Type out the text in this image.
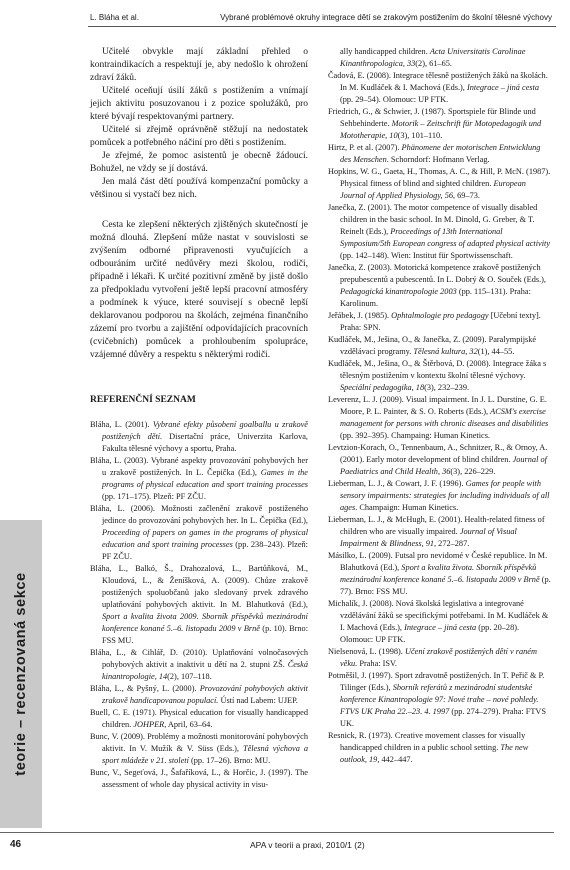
L. Bláha et al.	Vybrané problémové okruhy integrace dětí se zrakovým postižením do školní tělesné výchovy
teorie – recenzovaná sekce

Učitelé obvykle mají základní přehled o kontraindikacích a respektují je, aby nedošlo k ohrožení zdraví žáků.

Učitelé oceňují úsilí žáků s postižením a vnímají jejich aktivitu posuzovanou i z pozice spolužáků, pro které bývají respektovanými partnery.

Učitelé si zřejmě oprávněně stěžují na nedostatek pomůcek a potřebného náčiní pro děti s postižením.

Je zřejmé, že pomoc asistentů je obecně žádoucí. Bohužel, ne vždy se jí dostává.

Jen malá část dětí používá kompenzační pomůcky a většinou si vystačí bez nich.

Cesta ke zlepšení některých zjištěných skutečností je možná dlouhá. Zlepšení může nastat v souvislosti se zvýšením odborné připravenosti vyučujících a odbouráním určité nedůvěry mezi školou, rodiči, případně i lékaři. K určité pozitivní změně by jistě došlo za předpokladu vytvoření ještě lepší pracovní atmosféry a podmínek k výuce, které souvisejí s obecně lepší deklarovanou podporou na školách, zejména finančního zázemí pro tvorbu a zajištění odpovídajících pracovních (cvičebních) pomůcek a prohloubením spolupráce, vzájemné důvěry a respektu s některými rodiči.

REFERENČNÍ SEZNAM

Bláha, L. (2001). Vybrané efekty působení goalballu u zrakově postižených dětí. Disertační práce, Univerzita Karlova, Fakulta tělesné výchovy a sportu, Praha.

Bláha, L. (2003). Vybrané aspekty provozování pohybových her u zrakově postižených. In L. Čepička (Ed.), Games in the programs of physical education and sport training processes (pp. 171–175). Plzeň: PF ZČU.

Bláha, L. (2006). Možnosti začlenění zrakově postiženého jedince do provozování pohybových her. In L. Čepička (Ed.), Proceeding of papers on games in the programs of physical education and sport training processes (pp. 238–243). Plzeň: PF ZČU.

Bláha, L., Balkó, Š., Drahozalová, L., Bartůňková, M., Kloudová, L., & Ženíšková, A. (2009). Chůze zrakově postižených spoluobčanů jako sledovaný prvek zdravého uplatňování pohybových aktivit. In M. Blahutková (Ed.), Sport a kvalita života 2009. Sborník příspěvků mezinárodní konference konané 5.–6. listopadu 2009 v Brně (p. 10). Brno: FSS MU.

Bláha, L., & Cihlář, D. (2010). Uplatňování volnočasových pohybových aktivit a inaktivit u dětí na 2. stupni ZŠ. Česká kinantropologie, 14(2), 107–118.

Bláha, L., & Pyšný, L. (2000). Provozování pohybových aktivit zrakově handicapovanou populací. Ústí nad Labem: UJEP.

Buell, C. E. (1971). Physical education for visually handicapped children. JOHPER, April, 63–64.

Bunc, V. (2009). Problémy a možnosti monitorování pohybových aktivit. In V. Mužík & V. Süss (Eds.), Tělesná výchova a sport mládeže v 21. století (pp. 17–26). Brno: MU.

Bunc, V., Segeťová, J., Šafaříková, L., & Horčic, J. (1997). The assessment of whole day physical activity in visu-

ally handicapped children. Acta Universitatis Carolinae Kinanthropologica, 33(2), 61–65.

Čadová, E. (2008). Integrace tělesně postižených žáků na školách. In M. Kudláček & I. Machová (Eds.), Integrace – jiná cesta (pp. 29–54). Olomouc: UP FTK.

Friedrich, G., & Schwier, J. (1987). Sportspiele für Blinde und Sehbehinderte. Motorik – Zeitschrift für Motopedagogik und Mototherapie, 10(3), 101–110.

Hirtz, P. et al. (2007). Phänomene der motorischen Entwicklung des Menschen. Schorndorf: Hofmann Verlag.

Hopkins, W. G., Gaeta, H., Thomas, A. C., & Hill, P. McN. (1987). Physical fitness of blind and sighted children. European Journal of Applied Physiology, 56, 69–73.

Janečka, Z. (2001). The motor competence of visually disabled children in the basic school. In M. Dinold, G. Greber, & T. Reinelt (Eds.), Proceedings of 13th International Symposium/5th European congress of adapted physical activity (pp. 142–148). Wien: Institut für Sportwissenschaft.

Janečka, Z. (2003). Motorická kompetence zrakově postižených prepubescentů a pubescentů. In L. Dobrý & O. Souček (Eds.), Pedagogická kinantropologie 2003 (pp. 115–131). Praha: Karolinum.

Jeřábek, J. (1985). Ophtalmologie pro pedagogy [Učební texty]. Praha: SPN.

Kudláček, M., Ješina, O., & Janečka, Z. (2009). Paralympijské vzdělávací programy. Tělesná kultura, 32(1), 44–55.

Kudláček, M., Ješina, O., & Štěrbová, D. (2008). Integrace žáka s tělesným postižením v kontextu školní tělesné výchovy. Speciální pedagogika, 18(3), 232–239.

Leverenz, L. J. (2009). Visual impairment. In J. L. Durstine, G. E. Moore, P. L. Painter, & S. O. Roberts (Eds.), ACSM's exercise management for persons with chronic diseases and disabilities (pp. 392–395). Champaing: Human Kinetics.

Levtzion-Korach, O., Tennenbaum, A., Schnitzer, R., & Ornoy, A. (2001). Early motor development of blind children. Journal of Paediatrics and Child Health, 36(3), 226–229.

Lieberman, L. J., & Cowart, J. F. (1996). Games for people with sensory impairments: strategies for including individuals of all ages. Champaign: Human Kinetics.

Lieberman, L. J., & McHugh, E. (2001). Health-related fitness of children who are visually impaired. Journal of Visual Impairment & Blindness, 91, 272–287.

Másilko, L. (2009). Futsal pro nevidomé v České republice. In M. Blahutková (Ed.), Sport a kvalita života. Sborník příspěvků mezinárodní konference konané 5.–6. listopadu 2009 v Brně (p. 77). Brno: FSS MU.

Michalík, J. (2008). Nová školská legislativa a integrované vzdělávání žáků se specifickými potřebami. In M. Kudláček & I. Machová (Eds.), Integrace – jiná cesta (pp. 20–28). Olomouc: UP FTK.

Nielsenová, L. (1998). Učení zrakově postižených dětí v raném věku. Praha: ISV.

Potměšil, J. (1997). Sport zdravotně postižených. In T. Peřič & P. Tilinger (Eds.), Sborník referátů z mezinárodní studentské konference Kinantropologie 97: Nové trahe – nové pohledy. FTVS UK Praha 22.–23. 4. 1997 (pp. 274–279). Praha: FTVS UK.

Resnick, R. (1973). Creative movement classes for visually handicapped children in a public school setting. The new outlook, 19, 442–447.

46	APA v teorii a praxi, 2010/1 (2)
